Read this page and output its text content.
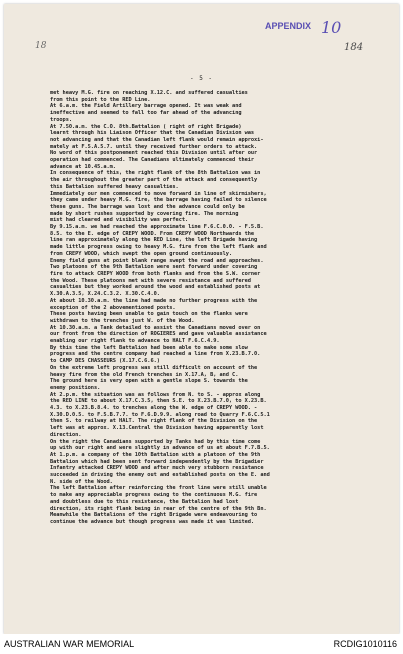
18
APPENDIX 10
184
- 5 -
met heavy M.G. fire on reaching X.12.C. and suffered casualties
from this point to the RED Line.
At 6.a.m. the Field Artillery barrage opened. It was weak and
ineffective and seemed to fall too far ahead of the advancing
troops.
At 7.50.a.m. the C.O. 8th.Battalion ( right of right Brigade)
learnt through his Liaison Officer that the Canadian Division was
not advancing and that the Canadian left flank would remain approxi-
mately at F.5.A.5.7. until they received further orders to attack.
No word of this postponement reached this Division until after our
operation had commenced. The Canadians ultimately commenced their
advance at 10.45.a.m.
In consequence of this, the right flank of the 8th Battalion was in
the air throughout the greater part of the attack and consequently
this Battalion suffered heavy casualties.
Immediately our men commenced to move forward in line of skirmishers,
they came under heavy M.G. fire, the barrage having failed to silence
these guns. The barrage was lost and the advance could only be
made by short rushes supported by covering fire. The morning
mist had cleared and visibility was perfect.
By 9.15.a.m. we had reached the approximate line F.6.C.0.0. - F.5.B.
8.5. to the E. edge of CREPY WOOD. From CREPY WOOD Northwards the
line ran approximately along the RED Line, the left Brigade having
made little progress owing to heavy M.G. fire from the left flank and
from CREPY WOOD, which swept the open ground continuously.
Enemy field guns at point blank range swept the road and approaches.
Two platoons of the 9th Battalion were sent forward under covering
fire to attack CREPY WOOD from both flanks and from the S.W. corner
the Wood. These platoons met with severe resistance and suffered
casualties but they worked around the wood and established posts at
X.30.A.3.5, X.24.C.3.2. X.30.C.4.0.
At about 10.30.a.m. the line had made no further progress with the
exception of the 2 abovementioned posts.
These posts having been unable to gain touch on the flanks were
withdrawn to the trenches just W. of the Wood.
At 10.30.a.m. a Tank detailed to assist the Canadians moved over on
our front from the direction of ROGIERES and gave valuable assistance
enabling our right flank to advance to HALT F.6.C.4.9.
By this time the left Battalion had been able to make some slow
progress and the centre company had reached a line from X.23.B.7.0.
to CAMP DES CHASSEURS (X.17.C.6.6.)
On the extreme left progress was still difficult on account of the
heavy fire from the old French trenches in X.17.A, B, and C.
The ground here is very open with a gentle slope S. towards the
enemy positions.
At 2.p.m. the situation was as follows from N. to S. - approx along
the RED LINE to about X.17.C.3.5, then S.E. to X.23.B.7.0, to X.23.B.
4.3. to X.23.B.8.4. to trenches along the W. edge of CREPY WOOD. -
X.30.D.0.5. to F.5.B.7.7. to F.6.D.9.9. along road to Quarry F.6.C.5.1
then S. to railway at HALT. The right flank of the Division on the
left was at approx. X.13.Central the Division having apparently lost
direction.
On the right the Canadians supported by Tanks had by this time come
up with our right and were slightly in advance of us at about F.7.B.5.
At 1.p.m. a company of the 10th Battalion with a platoon of the 9th
Battalion which had been sent forward independently by the Brigadier
Infantry attacked CREPY WOOD and after much very stubborn resistance
succeeded in driving the enemy out and established posts on the E. and
N. side of the Wood.
The left Battalion after reinforcing the front line were still unable
to make any appreciable progress owing to the continuous M.G. fire
and doubtless due to this resistance, the Battalion had lost
direction, its right flank being in rear of the centre of the 9th Bn.
Meanwhile the Battalions of the right Brigade were endeavouring to
continue the advance but though progress was made it was limited.
AUSTRALIAN WAR MEMORIAL	RCDIG1010116
